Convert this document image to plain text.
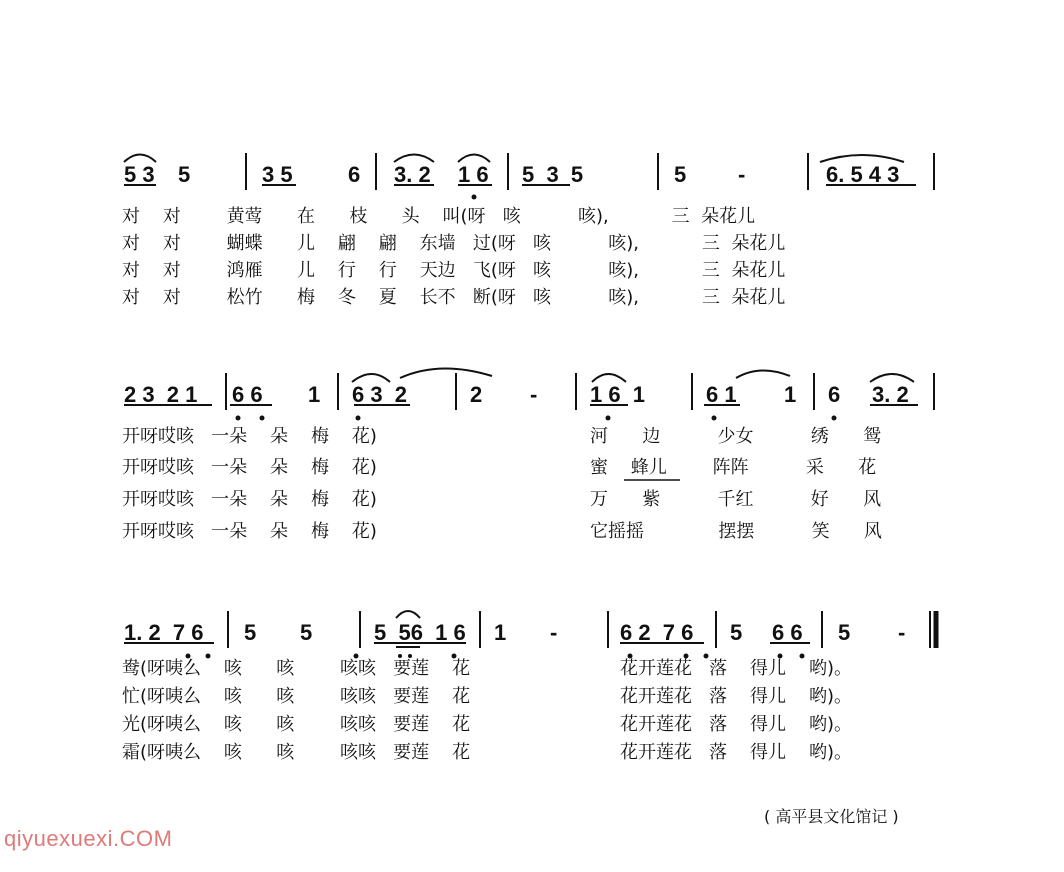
5 3 5	3 5	6 3. 2 1 6 5  3  5	5 -	6. 5 4 3
对    对        黄莺      在      枝      头    叫(呀   咳          咳),           三  朵花儿
对    对        蝴蝶      儿    翩    翩    东墙   过(呀   咳          咳),           三  朵花儿
对    对        鸿雁      儿    行    行    天边   飞(呀   咳          咳),           三  朵花儿
对    对        松竹      梅    冬    夏    长不   断(呀   咳          咳),           三  朵花儿
2 3  2 1 6 6 1 6 3  2	2 - 1 6  1	6 1 1 6 3. 2
开呀哎咳   一朵    朵    梅    花)
开呀哎咳   一朵    朵    梅    花)
开呀哎咳   一朵    朵    梅    花)
开呀哎咳   一朵    朵    梅    花)
河      边          少女          绣      鸳
蜜    蜂儿        阵阵          采      花
万      紫          千红          好      风
它摇摇             摆摆          笑      风
1. 2  7 6 5 5	5  56  1 6 1 -	6 2  7 6 5 6 6 5 -
鸯(呀咦么    咳      咳        咳咳   要莲    花
忙(呀咦么    咳      咳        咳咳   要莲    花
光(呀咦么    咳      咳        咳咳   要莲    花
霜(呀咦么    咳      咳        咳咳   要莲    花
花开莲花   落    得儿    哟)。
花开莲花   落    得儿    哟)。
花开莲花   落    得儿    哟)。
花开莲花   落    得儿    哟)。
( 高平县文化馆记 )
qiyuexuexi.COM
